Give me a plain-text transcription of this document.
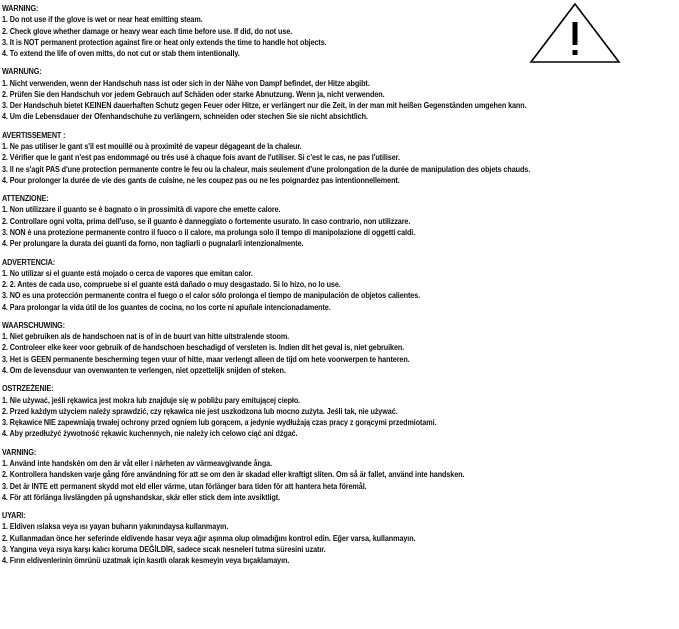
WARNING:
1. Do not use if the glove is wet or near heat emitting steam.
2. Check glove whether damage or heavy wear each time before use. If did, do not use.
3. It is NOT permanent protection against fire or heat only extends the time to handle hot objects.
4. To extend the life of oven mitts, do not cut or stab them intentionally.
WARNUNG:
1. Nicht verwenden, wenn der Handschuh nass ist oder sich in der Nähe von Dampf befindet, der Hitze abgibt.
2. Prüfen Sie den Handschuh vor jedem Gebrauch auf Schäden oder starke Abnutzung. Wenn ja, nicht verwenden.
3. Der Handschuh bietet KEINEN dauerhaften Schutz gegen Feuer oder Hitze, er verlängert nur die Zeit, in der man mit heißen Gegenständen umgehen kann.
4. Um die Lebensdauer der Ofenhandschuhe zu verlängern, schneiden oder stechen Sie sie nicht absichtlich.
AVERTISSEMENT :
1. Ne pas utiliser le gant s'il est mouillé ou à proximité de vapeur dégageant de la chaleur.
2. Vérifier que le gant n'est pas endommagé ou très usé à chaque fois avant de l'utiliser. Si c'est le cas, ne pas l'utiliser.
3. Il ne s'agit PAS d'une protection permanente contre le feu ou la chaleur, mais seulement d'une prolongation de la durée de manipulation des objets chauds.
4. Pour prolonger la durée de vie des gants de cuisine, ne les coupez pas ou ne les poignardez pas intentionnellement.
ATTENZIONE:
1. Non utilizzare il guanto se è bagnato o in prossimità di vapore che emette calore.
2. Controllare ogni volta, prima dell'uso, se il guanto è danneggiato o fortemente usurato. In caso contrario, non utilizzare.
3. NON è una protezione permanente contro il fuoco o il calore, ma prolunga solo il tempo di manipolazione di oggetti caldi.
4. Per prolungare la durata dei guanti da forno, non tagliarli o pugnalarli intenzionalmente.
ADVERTENCIA:
1. No utilizar si el guante está mojado o cerca de vapores que emitan calor.
2. 2. Antes de cada uso, compruebe si el guante está dañado o muy desgastado. Si lo hizo, no lo use.
3. NO es una protección permanente contra el fuego o el calor sólo prolonga el tiempo de manipulación de objetos calientes.
4. Para prolongar la vida útil de los guantes de cocina, no los corte ni apuñale intencionadamente.
WAARSCHUWING:
1. Niet gebruiken als de handschoen nat is of in de buurt van hitte uitstralende stoom.
2. Controleer elke keer voor gebruik of de handschoen beschadigd of versleten is. Indien dit het geval is, niet gebruiken.
3. Het is GEEN permanente bescherming tegen vuur of hitte, maar verlengt alleen de tijd om hete voorwerpen te hanteren.
4. Om de levensduur van ovenwanten te verlengen, niet opzettelijk snijden of steken.
OSTRZEŻENIE:
1. Nie używać, jeśli rękawica jest mokra lub znajduje się w pobliżu pary emitującej ciepło.
2. Przed każdym użyciem należy sprawdzić, czy rękawica nie jest uszkodzona lub mocno zużyta. Jeśli tak, nie używać.
3. Rękawice NIE zapewniają trwałej ochrony przed ogniem lub gorącem, a jedynie wydłużają czas pracy z gorącymi przedmiotami.
4. Aby przedłużyć żywotność rękawic kuchennych, nie należy ich celowo ciąć ani dźgać.
VARNING:
1. Använd inte handskén om den är våt eller i närheten av värmeavgivande ånga.
2. Kontrollera handsken varje gång före användning för att se om den är skadad eller kraftigt sliten. Om så är fallet, använd inte handsken.
3. Det är INTE ett permanent skydd mot eld eller värme, utan förlänger bara tiden för att hantera heta föremål.
4. För att förlänga livslängden på ugnshandskar, skär eller stick dem inte avsiktligt.
UYARI:
1. Eldiven ıslaksa veya ısı yayan buharın yakınındaysa kullanmayın.
2. Kullanmadan önce her seferinde eldivende hasar veya ağır aşınma olup olmadığını kontrol edin. Eğer varsa, kullanmayın.
3. Yangına veya ısıya karşı kalıcı koruma DEĞİLDİR, sadece sıcak nesneleri tutma süresini uzatır.
4. Fırın eldivenlerinin ömrünü uzatmak için kasıtlı olarak kesmeyin veya bıçaklamayın.
